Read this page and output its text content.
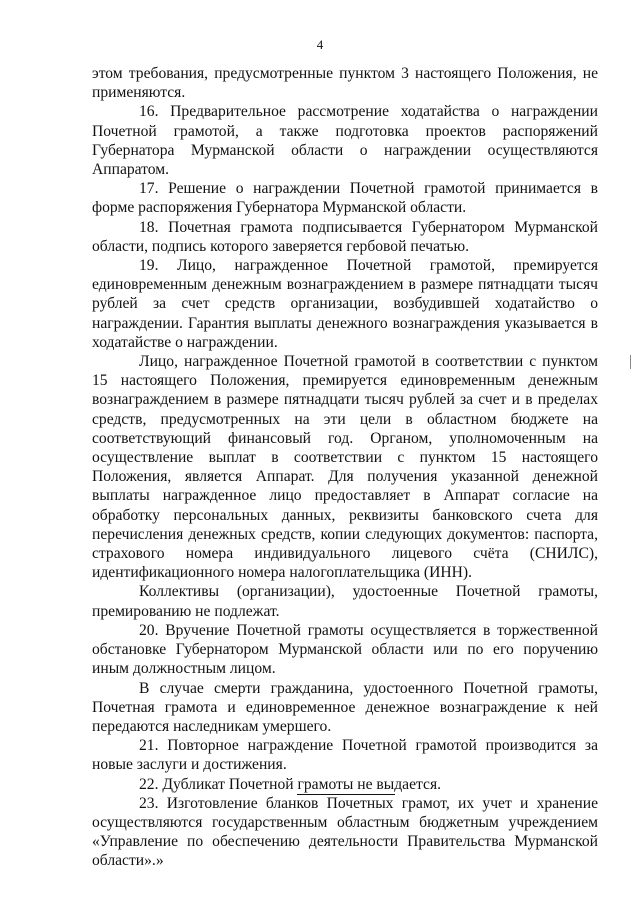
4

этом требования, предусмотренные пунктом 3 настоящего Положения, не применяются.

16. Предварительное рассмотрение ходатайства о награждении Почетной грамотой, а также подготовка проектов распоряжений Губернатора Мурманской области о награждении осуществляются Аппаратом.

17. Решение о награждении Почетной грамотой принимается в форме распоряжения Губернатора Мурманской области.

18. Почетная грамота подписывается Губернатором Мурманской области, подпись которого заверяется гербовой печатью.

19. Лицо, награжденное Почетной грамотой, премируется единовременным денежным вознаграждением в размере пятнадцати тысяч рублей за счет средств организации, возбудившей ходатайство о награждении. Гарантия выплаты денежного вознаграждения указывается в ходатайстве о награждении.

Лицо, награжденное Почетной грамотой в соответствии с пунктом 15 настоящего Положения, премируется единовременным денежным вознаграждением в размере пятнадцати тысяч рублей за счет и в пределах средств, предусмотренных на эти цели в областном бюджете на соответствующий финансовый год. Органом, уполномоченным на осуществление выплат в соответствии с пунктом 15 настоящего Положения, является Аппарат. Для получения указанной денежной выплаты награжденное лицо предоставляет в Аппарат согласие на обработку персональных данных, реквизиты банковского счета для перечисления денежных средств, копии следующих документов: паспорта, страхового номера индивидуального лицевого счёта (СНИЛС), идентификационного номера налогоплательщика (ИНН).

Коллективы (организации), удостоенные Почетной грамоты, премированию не подлежат.

20. Вручение Почетной грамоты осуществляется в торжественной обстановке Губернатором Мурманской области или по его поручению иным должностным лицом.

В случае смерти гражданина, удостоенного Почетной грамоты, Почетная грамота и единовременное денежное вознаграждение к ней передаются наследникам умершего.

21. Повторное награждение Почетной грамотой производится за новые заслуги и достижения.

22. Дубликат Почетной грамоты не выдается.

23. Изготовление бланков Почетных грамот, их учет и хранение осуществляются государственным областным бюджетным учреждением «Управление по обеспечению деятельности Правительства Мурманской области».»
